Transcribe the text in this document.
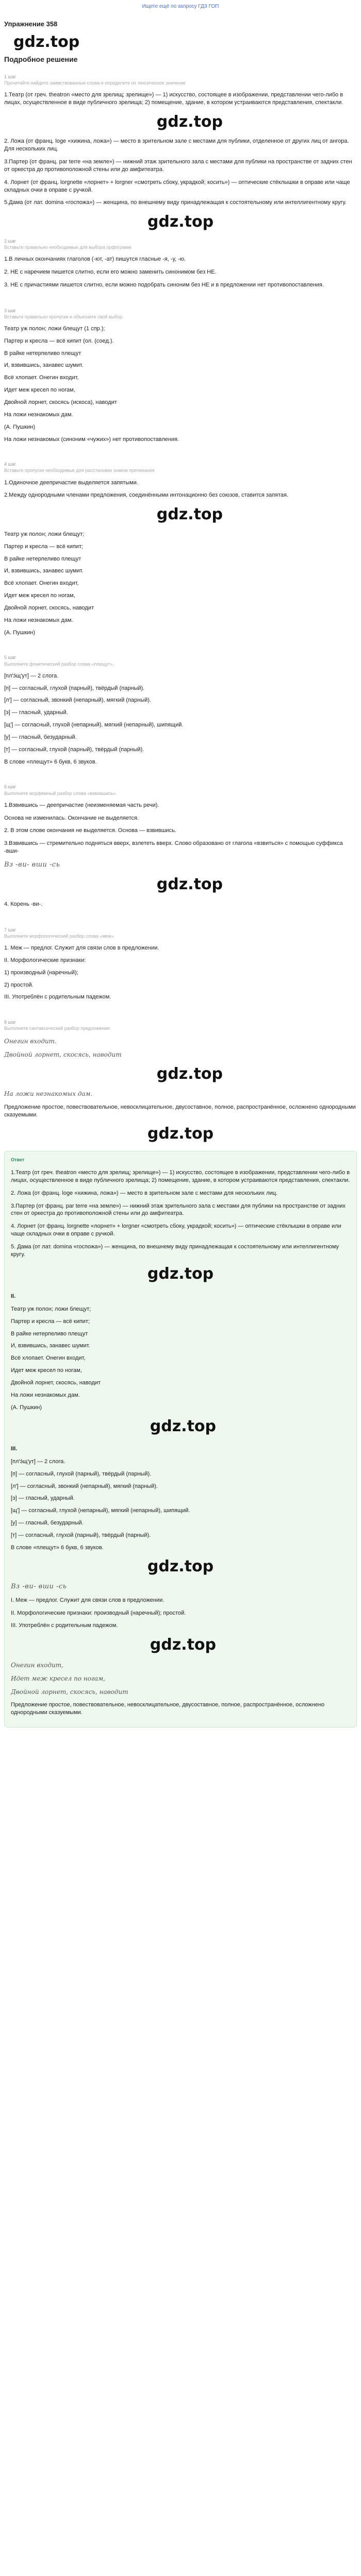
Ищете ещё по запросу ГДЗ ГОП
Упражнение 358
gdz.top
Подробное решение
1 шаг
Прочитайте найдите заимствованные слова и определите их лексическое значение

1.Театр (от греч. theatron «место для зрелищ; зрелище») — 1) искусство, состоящее в изображении, представлении чего-либо в лицах, осуществленное в виде публичного зрелища; 2) помещение, здание, в котором устраиваются представления, спектакли.

gdz.top

2. Ложа (от франц. loge «хижина, ложа») — место в зрительном зале с местами для публики, отделенное от других лиц от ангора. Для нескольких лиц.

3.Партер (от франц. par terre «на земле») — нижний этаж зрительного зала с местами для публики на пространстве от задних стен от оркестра до противоположной стены или до амфитеатра.

4. Лорнет (от франц. lorgnette «лорнет» + lorgner «смотреть сбоку, украдкой; косить») — оптические стёклышки в оправе или чаще складных очки в оправе с ручкой.

5.Дама (от лат. domina «госпожа») — женщина, по внешнему виду принадлежащая к состоятельному или интеллигентному кругу.

gdz.top
2 шаг
Вставьте правильно необходимые для выбора орфограмм

1.В личных окончаниях глаголов (-ют, -ат) пишутся гласные -я, -у, -ю.

2. НЕ с наречием пишется слитно, если его можно заменить синонимом без НЕ.

3. НЕ с причастиями пишется слитно, если можно подобрать синоним без НЕ и в предложении нет противопоставления.

3 шаг
Вставьте правильно пропуски и объясните свой выбор.
Театр уж полон; ложи блещут (1 спр.);
Партер и кресла — всё кипит (ол. (соед.).
В райке нетерпеливо плещут
И, взвившись, занавес шумит.
Всё хлопает. Онегин входит,
Идет меж кресел по ногам,
Двойной лорнет, скосясь (искоса), наводит
На ложи незнакомых дам.
(А. Пушкин)
На ложи незнакомых (синоним «чужих») нет противопоставления.
4 шаг
Вставьте пропуски необходимые для расстановки знаков препинания

1.Одиночное деепричастие выделяется запятыми.

2.Между однородными членами предложения, соединёнными интонационно без союзов, ставится запятая.

gdz.top
Театр уж полон; ложи блещут;
Партер и кресла — всё кипит;
В райке нетерпеливо плещут
И, взвившись, занавес шумит.
Всё хлопает. Онегин входит,
Идет меж кресел по ногам,
Двойной лорнет, скосясь, наводит
На ложи незнакомых дам.
(А. Пушкин)
5 шаг
Выполните фонетический разбор слова «плещут».
[пл'э́щ'ут] — 2 слога.
[п] — согласный, глухой (парный), твёрдый (парный).
[л'] — согласный, звонкий (непарный), мягкий (парный).
[э] — гласный, ударный.
[щ'] — согласный, глухой (непарный), мягкий (непарный), шипящий.
[у] — гласный, безударный.
[т] — согласный, глухой (парный), твёрдый (парный).
В слове «плещут» 6 букв, 6 звуков.
6 шаг
Выполните морфемный разбор слова «взвившись».

1.Взвившись — деепричастие (неизменяемая часть речи).

Основа не изменилась. Окончание не выделяется.

2. В этом слове окончания не выделяется. Основа — взвившись.

3.Взвившись — стремительно подняться вверх, взлететь вверх. Слово образовано от глагола «взвиться» с помощью суффикса -вши-

Вз -ви- вши -сь

gdz.top

4. Корень -ви-.

7 шаг
Выполните морфологический разбор слова «меж»
1. Меж — предлог. Служит для связи слов в предложении.
II. Морфологические признаки:
1) производный (наречный);
2) простой.
III. Употреблён с родительным падежом.
8 шаг
Выполните синтаксический разбор предложения
Онегин входит.
Двойной лорнет, скосясь, наводит
gdz.top
На ложи незнакомых дам.

Предложение простое, повествовательное, невосклицательное, двусоставное, полное, распространённое, осложнено однородными сказуемыми.

gdz.top
Ответ

1.Театр (от греч. theatron «место для зрелищ; зрелище») — 1) искусство, состоящее в изображении, представлении чего-либо в лицах, осуществленное в виде публичного зрелища; 2) помещение, здание, в котором устраиваются представления, спектакли.

2. Ложа (от франц. loge «хижина, ложа») — место в зрительном зале с местами для нескольких лиц.

3.Партер (от франц. par terre «на земле») — нижний этаж зрительного зала с местами для публики на пространстве от задних стен от оркестра до противоположной стены или до амфитеатра.

4. Лорнет (от франц. lorgnette «лорнет» + lorgner «смотреть сбоку, украдкой; косить») — оптические стёклышки в оправе или чаще складных очки в оправе с ручкой.

5. Дама (от лат. domina «госпожа») — женщина, по внешнему виду принадлежащая к состоятельному или интеллигентному кругу.

gdz.top
II.
Театр уж полон; ложи блещут;
Партер и кресла — всё кипит;
В райке нетерпеливо плещут
И, взвившись, занавес шумит.
Всё хлопает. Онегин входит,
Идет меж кресел по ногам,
Двойной лорнет, скосясь, наводит
На ложи незнакомых дам.
(А. Пушкин)
gdz.top
III.
[пл'э́щ'ут] — 2 слога.
[п] — согласный, глухой (парный), твёрдый (парный).
[л'] — согласный, звонкий (непарный), мягкий (парный).
[э] — гласный, ударный.
[щ'] — согласный, глухой (непарный), мягкий (непарный), шипящий.
[у] — гласный, безударный.
[т] — согласный, глухой (парный), твёрдый (парный).
В слове «плещут» 6 букв, 6 звуков.
gdz.top

Вз -ви- вши -сь

I. Меж — предлог. Служит для связи слов в предложении.

II. Морфологические признаки: производный (наречный); простой.

III. Употреблён с родительным падежом.

gdz.top
Онегин входит,
Идет меж кресел по ногам,
Двойной лорнет, скосясь, наводит

Предложение простое, повествовательное, невосклицательное, двусоставное, полное, распространённое, осложнено однородными сказуемыми.
